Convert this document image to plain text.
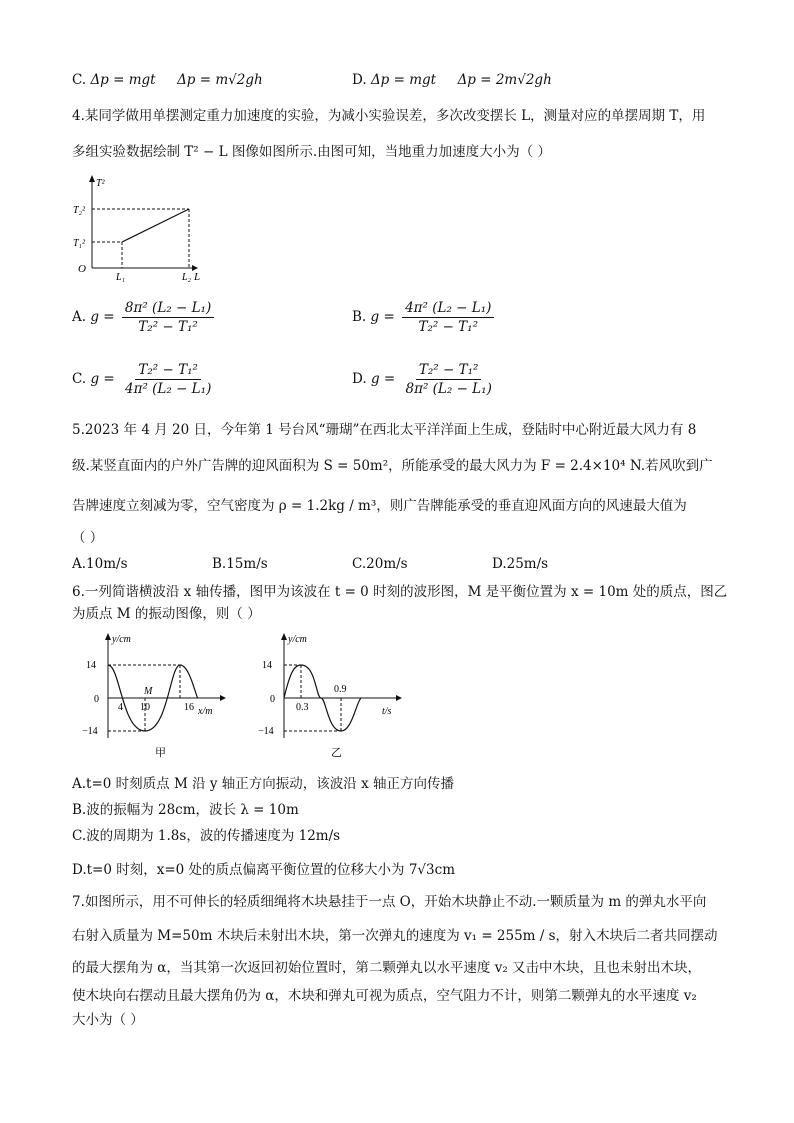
C. Δp = mgt Δp = m√2gh	D. Δp = mgt Δp = 2m√2gh
4.某同学做用单摆测定重力加速度的实验，为减小实验误差，多次改变摆长 L，测量对应的单摆周期 T，用
多组实验数据绘制 T² − L 图像如图所示.由图可知，当地重力加速度大小为（ ）
T²
L
O
T₂²
T₁²
L₁	L₂
A. $g = \frac{\text{8π² (L₂ − L₁)}}{\text{T₂² − T₁²}}$	B. $g = \frac{\text{4π² (L₂ − L₁)}}{\text{T₂² − T₁²}}$
C. $g = \frac{\text{T₂² − T₁²}}{\text{4π² (L₂ − L₁)}}$	D. $g = \frac{\text{T₂² − T₁²}}{\text{8π² (L₂ − L₁)}}$
5.2023 年 4 月 20 日，今年第 1 号台风“珊瑚”在西北太平洋洋面上生成，登陆时中心附近最大风力有 8
级.某竖直面内的户外广告牌的迎风面积为 S = 50m²，所能承受的最大风力为 F = 2.4×10⁴ N.若风吹到广
告牌速度立刻减为零，空气密度为 ρ = 1.2kg / m³，则广告牌能承受的垂直迎风面方向的风速最大值为
（ ）
A.10m/s	B.15m/s	C.20m/s	D.25m/s
6.一列简谐横波沿 x 轴传播，图甲为该波在 t = 0 时刻的波形图，M 是平衡位置为 x = 10m 处的质点，图乙
为质点 M 的振动图像，则（ ）
14
−14
0
y/cm
x/m
4 10	16
M
甲
14
−14
0
y/cm
t/s
0.3
0.9
乙
A.t=0 时刻质点 M 沿 y 轴正方向振动，该波沿 x 轴正方向传播
B.波的振幅为 28cm，波长 λ = 10m
C.波的周期为 1.8s，波的传播速度为 12m/s
D.t=0 时刻，x=0 处的质点偏离平衡位置的位移大小为 7√3cm
7.如图所示，用不可伸长的轻质细绳将木块悬挂于一点 O，开始木块静止不动.一颗质量为 m 的弹丸水平向
右射入质量为 M=50m 木块后未射出木块，第一次弹丸的速度为 v₁ = 255m / s，射入木块后二者共同摆动
的最大摆角为 α，当其第一次返回初始位置时，第二颗弹丸以水平速度 v₂ 又击中木块，且也未射出木块，
使木块向右摆动且最大摆角仍为 α，木块和弹丸可视为质点，空气阻力不计，则第二颗弹丸的水平速度 v₂
大小为（ ）
